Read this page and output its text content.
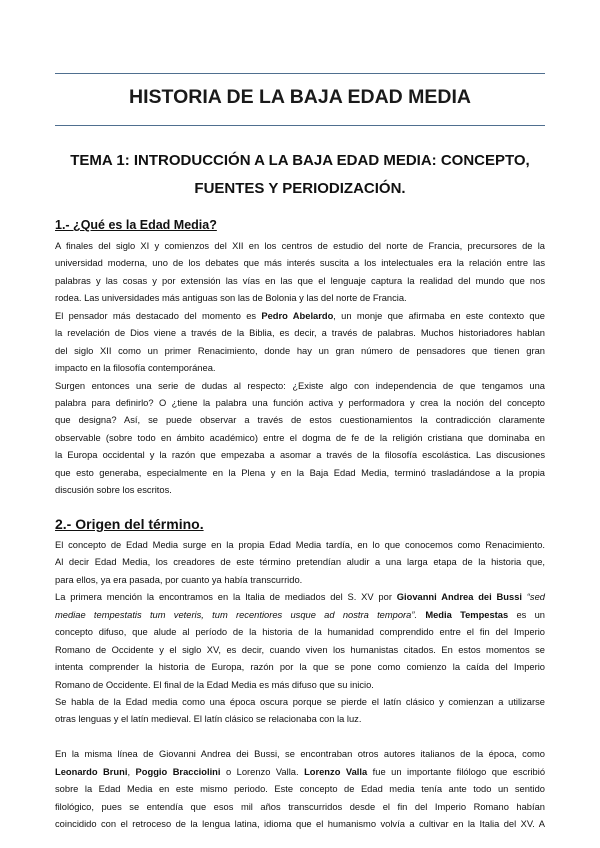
HISTORIA DE LA BAJA EDAD MEDIA
TEMA 1: INTRODUCCIÓN A LA BAJA EDAD MEDIA: CONCEPTO,
FUENTES Y PERIODIZACIÓN.
1.- ¿Qué es la Edad Media?
A finales del siglo XI y comienzos del XII en los centros de estudio del norte de Francia, precursores de la
universidad moderna, uno de los debates que más interés suscita a los intelectuales era la relación entre las
palabras y las cosas y por extensión las vías en las que el lenguaje captura la realidad del mundo que nos
rodea. Las universidades más antiguas son las de Bolonia y las del norte de Francia.
El pensador más destacado del momento es Pedro Abelardo, un monje que afirmaba en este contexto que
la revelación de Dios viene a través de la Biblia, es decir, a través de palabras. Muchos historiadores hablan
del siglo XII como un primer Renacimiento, donde hay un gran número de pensadores que tienen gran
impacto en la filosofía contemporánea.
Surgen entonces una serie de dudas al respecto: ¿Existe algo con independencia de que tengamos una
palabra para definirlo? O ¿tiene la palabra una función activa y performadora y crea la noción del concepto
que designa? Así, se puede observar a través de estos cuestionamientos la contradicción claramente
observable (sobre todo en ámbito académico) entre el dogma de fe de la religión cristiana que dominaba en
la Europa occidental y la razón que empezaba a asomar a través de la filosofía escolástica. Las discusiones
que esto generaba, especialmente en la Plena y en la Baja Edad Media, terminó trasladándose a la propia
discusión sobre los escritos.
2.- Origen del término.
El concepto de Edad Media surge en la propia Edad Media tardía, en lo que conocemos como Renacimiento.
Al decir Edad Media, los creadores de este término pretendían aludir a una larga etapa de la historia que,
para ellos, ya era pasada, por cuanto ya había transcurrido.
La primera mención la encontramos en la Italia de mediados del S. XV por Giovanni Andrea dei Bussi “sed
mediae tempestatis tum veteris, tum recentiores usque ad nostra tempora”. Media Tempestas es un
concepto difuso, que alude al período de la historia de la humanidad comprendido entre el fin del Imperio
Romano de Occidente y el siglo XV, es decir, cuando viven los humanistas citados. En estos momentos se
intenta comprender la historia de Europa, razón por la que se pone como comienzo la caída del Imperio
Romano de Occidente. El final de la Edad Media es más difuso que su inicio.
Se habla de la Edad media como una época oscura porque se pierde el latín clásico y comienzan a utilizarse
otras lenguas y el latín medieval. El latín clásico se relacionaba con la luz.
En la misma línea de Giovanni Andrea dei Bussi, se encontraban otros autores italianos de la época, como
Leonardo Bruni, Poggio Bracciolini o Lorenzo Valla. Lorenzo Valla fue un importante filólogo que escribió
sobre la Edad Media en este mismo periodo. Este concepto de Edad media tenía ante todo un sentido
filológico, pues se entendía que esos mil años transcurridos desde el fin del Imperio Romano habían
coincidido con el retroceso de la lengua latina, idioma que el humanismo volvía a cultivar en la Italia del XV. A
